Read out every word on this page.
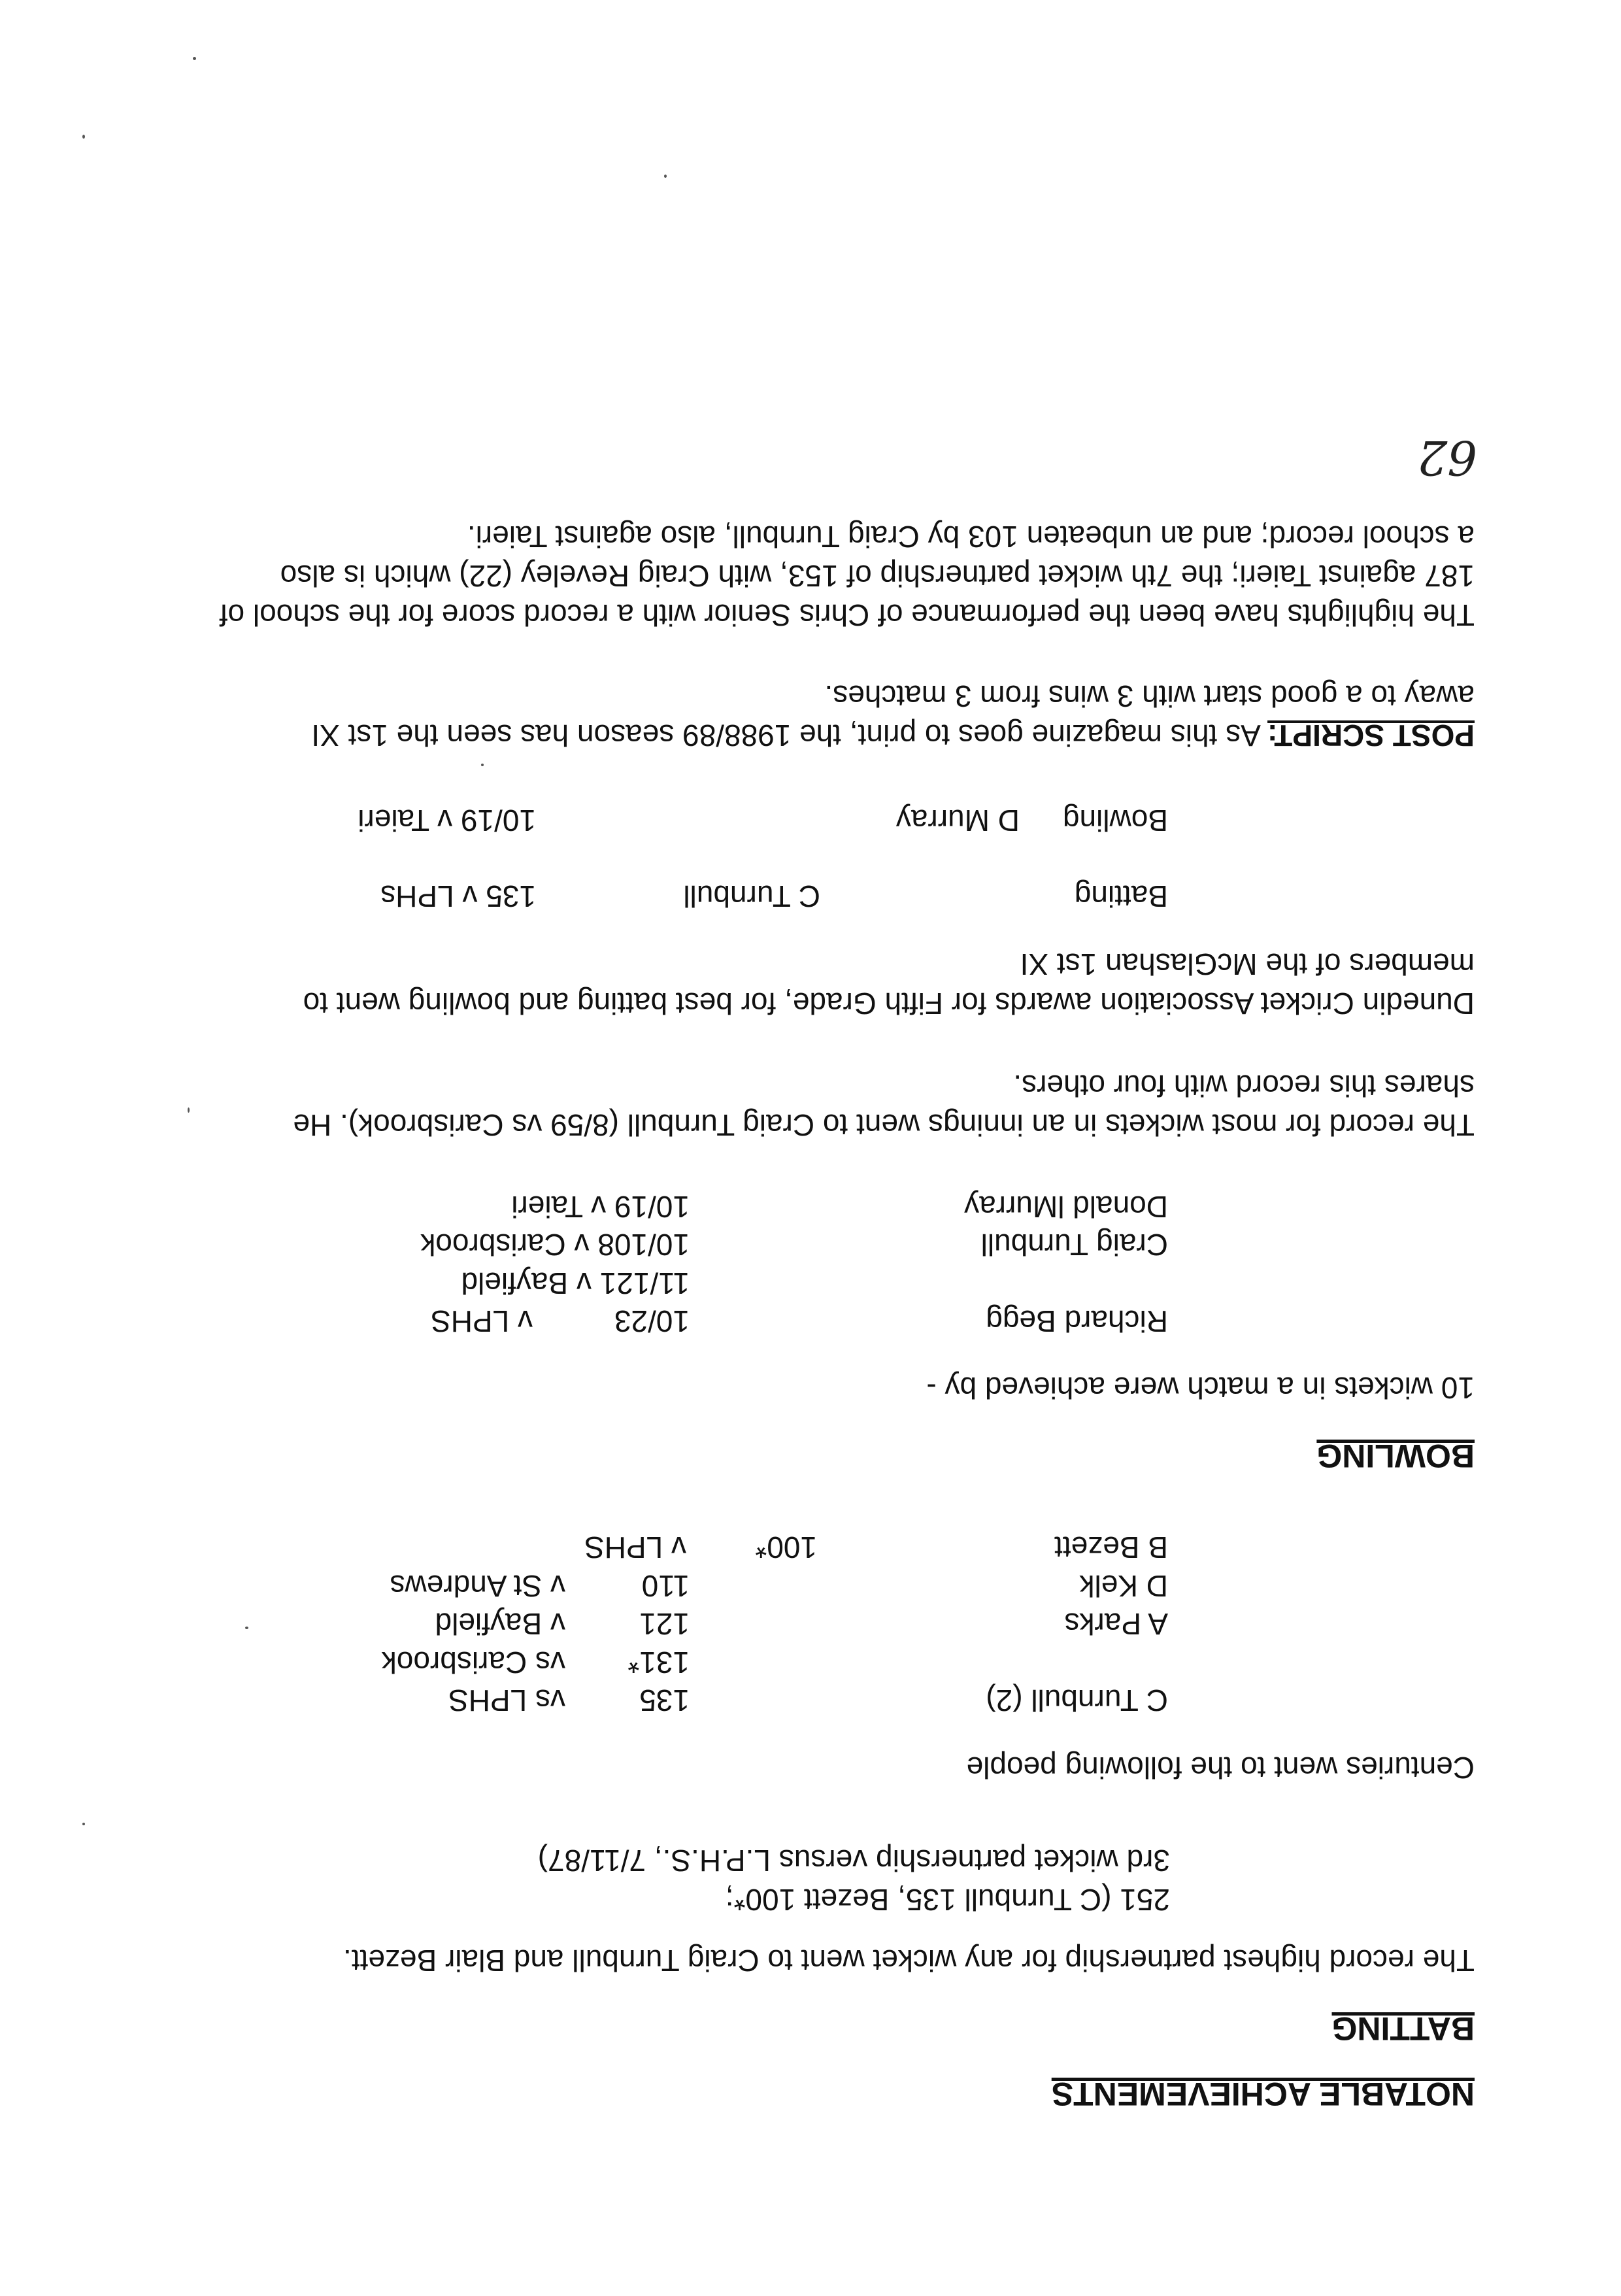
NOTABLE ACHIEVEMENTS
BATTING
The record highest partnership for any wicket went to Craig Turnbull and Blair Bezett.
251 (C Turnbull 135, Bezett 100*;
3rd wicket partnership versus L.P.H.S., 7/11/87)
Centuries went to the following people
C Turnbull (2)
135
vs LPHS
131*
vs Carisbrook
A Parks
121
v Bayfield
D Kelk
110
v St Andrews
B Bezett
100*
v LPHS
BOWLING
10 wickets in a match were achieved by -
Richard Begg
10/23
v LPHS
11/121 v Bayfield
Craig Turnbull
10/108 v Carisbrook
Donald lMurray
10/19 v Taieri
The record for most wickets in an innings went to Craig Turnbull (8/59 vs Carisbrook). He
shares this record with four others.
Dunedin Cricket Association awards for Fifth Grade, for best batting and bowling went to
members of the McGlashan 1st XI
Batting
C Turnbull
135 v LPHs
Bowling
D Murray
10/19 v Taieri
POST SCRIPT: As this magazine goes to print, the 1988/89 season has seen the 1st XI
away to a good start with 3 wins from 3 matches.
The highlights have been the performance of Chris Senior with a record score for the school of
187 against Taieri; the 7th wicket partnership of 153, with Craig Reveley (22) which is also
a school record; and an unbeaten 103 by Craig Turnbull, also against Taieri.
62
